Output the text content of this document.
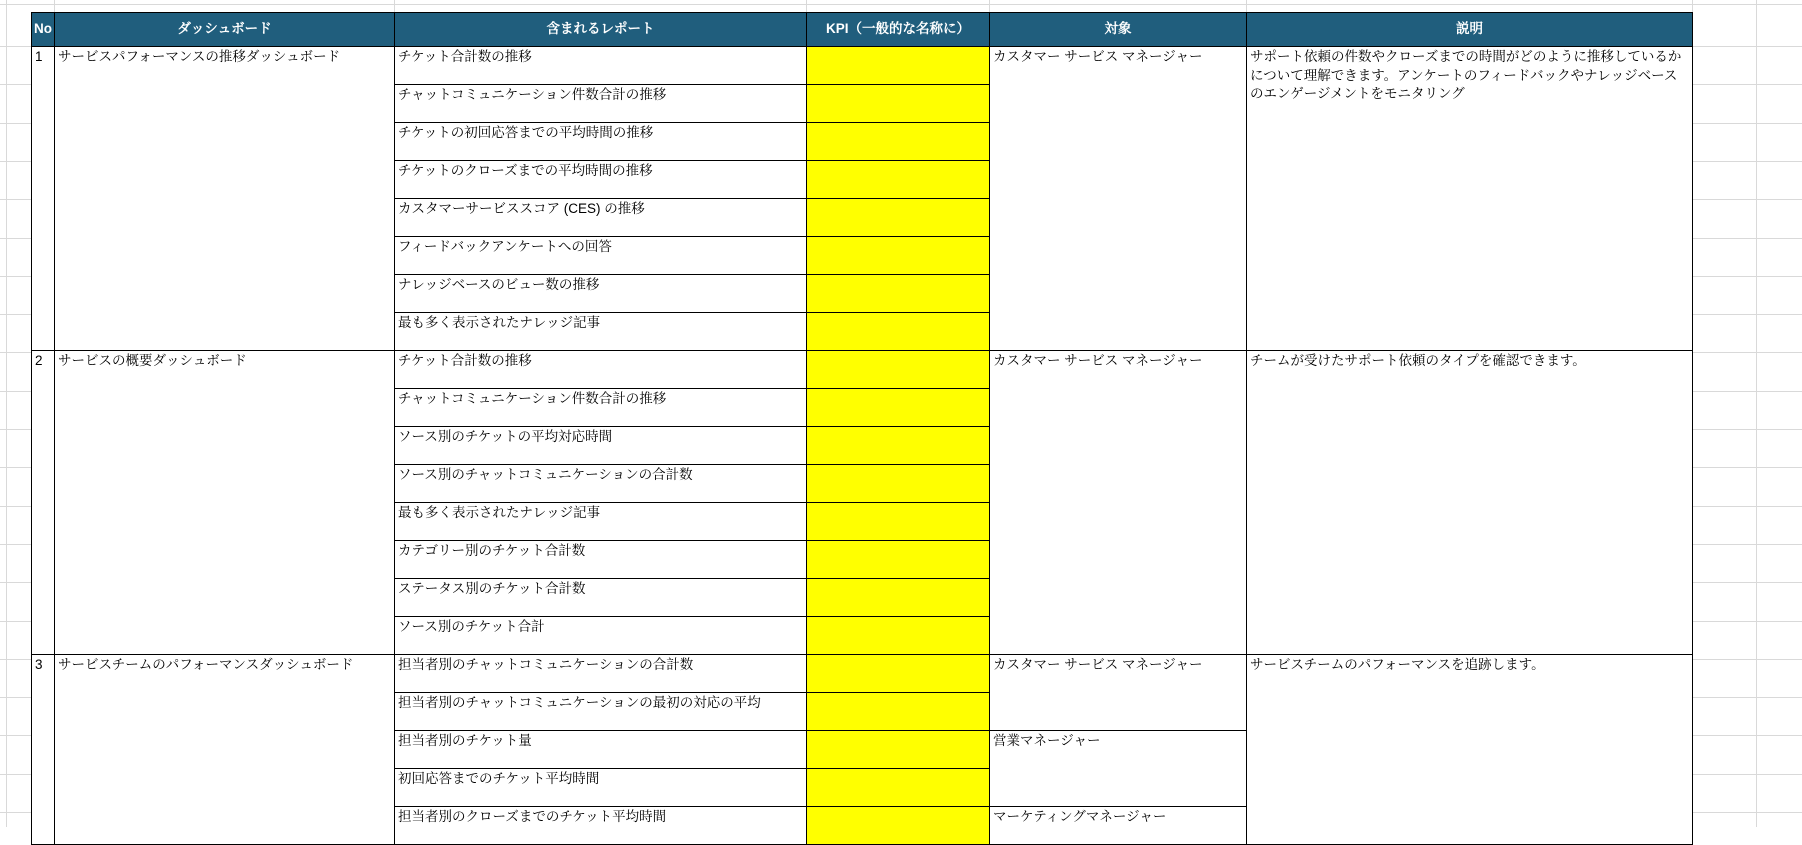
No	ダッシュボード	含まれるレポート	KPI（一般的な名称に）	対象	説明
1	サービスパフォーマンスの推移ダッシュボード	チケット合計数の推移		カスタマー サービス マネージャー	サポート依頼の件数やクローズまでの時間がどのように推移しているかについて理解できます。アンケートのフィードバックやナレッジベースのエンゲージメントをモニタリング
		チャットコミュニケーション件数合計の推移			
		チケットの初回応答までの平均時間の推移			
		チケットのクローズまでの平均時間の推移			
		カスタマーサービススコア (CES) の推移			
		フィードバックアンケートへの回答			
		ナレッジベースのビュー数の推移			
		最も多く表示されたナレッジ記事			
2	サービスの概要ダッシュボード	チケット合計数の推移		カスタマー サービス マネージャー	チームが受けたサポート依頼のタイプを確認できます。
		チャットコミュニケーション件数合計の推移			
		ソース別のチケットの平均対応時間			
		ソース別のチャットコミュニケーションの合計数			
		最も多く表示されたナレッジ記事			
		カテゴリー別のチケット合計数			
		ステータス別のチケット合計数			
		ソース別のチケット合計			
3	サービスチームのパフォーマンスダッシュボード	担当者別のチャットコミュニケーションの合計数		カスタマー サービス マネージャー	サービスチームのパフォーマンスを追跡します。
		担当者別のチャットコミュニケーションの最初の対応の平均			
		担当者別のチケット量		営業マネージャー	
		初回応答までのチケット平均時間			
		担当者別のクローズまでのチケット平均時間		マーケティングマネージャー	
